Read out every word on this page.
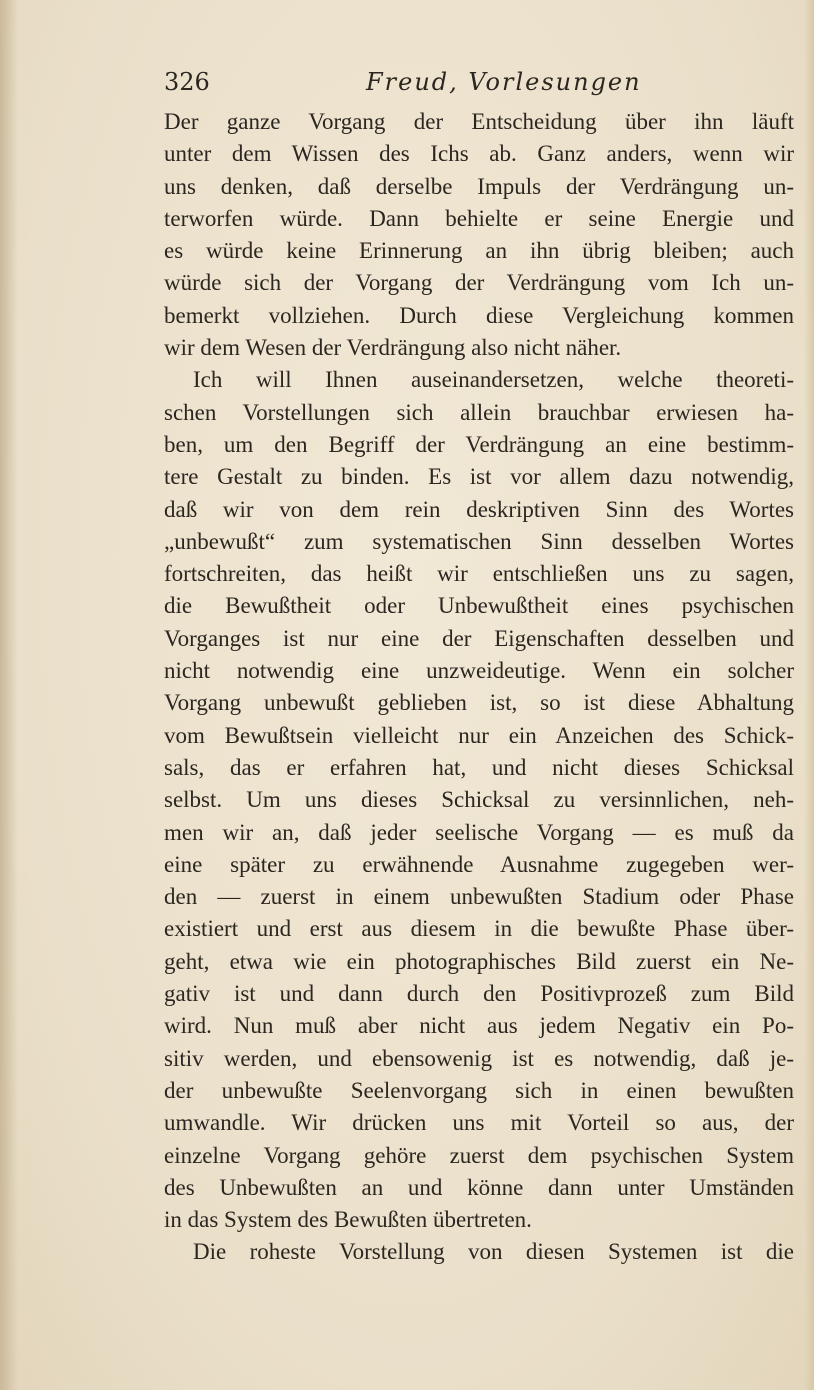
326	Freud, Vorlesungen
Der ganze Vorgang der Entscheidung über ihn läuft
unter dem Wissen des Ichs ab. Ganz anders, wenn wir
uns denken, daß derselbe Impuls der Verdrängung un-
terworfen würde. Dann behielte er seine Energie und
es würde keine Erinnerung an ihn übrig bleiben; auch
würde sich der Vorgang der Verdrängung vom Ich un-
bemerkt vollziehen. Durch diese Vergleichung kommen
wir dem Wesen der Verdrängung also nicht näher.
Ich will Ihnen auseinandersetzen, welche theoreti-
schen Vorstellungen sich allein brauchbar erwiesen ha-
ben, um den Begriff der Verdrängung an eine bestimm-
tere Gestalt zu binden. Es ist vor allem dazu notwendig,
daß wir von dem rein deskriptiven Sinn des Wortes
„unbewußt“ zum systematischen Sinn desselben Wortes
fortschreiten, das heißt wir entschließen uns zu sagen,
die Bewußtheit oder Unbewußtheit eines psychischen
Vorganges ist nur eine der Eigenschaften desselben und
nicht notwendig eine unzweideutige. Wenn ein solcher
Vorgang unbewußt geblieben ist, so ist diese Abhaltung
vom Bewußtsein vielleicht nur ein Anzeichen des Schick-
sals, das er erfahren hat, und nicht dieses Schicksal
selbst. Um uns dieses Schicksal zu versinnlichen, neh-
men wir an, daß jeder seelische Vorgang — es muß da
eine später zu erwähnende Ausnahme zugegeben wer-
den — zuerst in einem unbewußten Stadium oder Phase
existiert und erst aus diesem in die bewußte Phase über-
geht, etwa wie ein photographisches Bild zuerst ein Ne-
gativ ist und dann durch den Positivprozeß zum Bild
wird. Nun muß aber nicht aus jedem Negativ ein Po-
sitiv werden, und ebensowenig ist es notwendig, daß je-
der unbewußte Seelenvorgang sich in einen bewußten
umwandle. Wir drücken uns mit Vorteil so aus, der
einzelne Vorgang gehöre zuerst dem psychischen System
des Unbewußten an und könne dann unter Umständen
in das System des Bewußten übertreten.
Die roheste Vorstellung von diesen Systemen ist die
